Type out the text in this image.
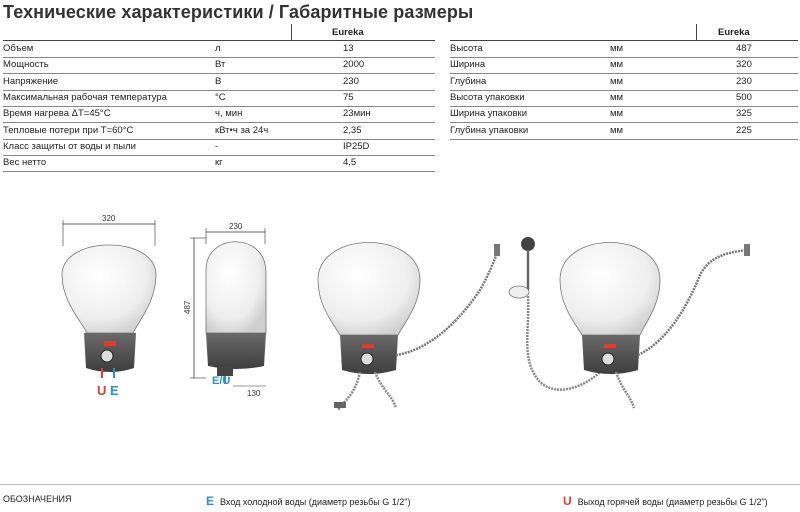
Технические характеристики / Габаритные размеры
Eureka
Объем	л	13
Мощность	Вт	2000
Напряжение	В	230
Максимальная рабочая температура	°C	75
Время нагрева ΔT=45°C	ч, мин	23мин
Тепловые потери при T=60°C	кВт•ч за 24ч	2,35
Класс защиты от воды и пыли	-	IP25D
Вес нетто	кг	4,5
Eureka
Высота	мм	487
Ширина	мм	320
Глубина	мм	230
Высота упаковки	мм	500
Ширина упаковки	мм	325
Глубина упаковки	мм	225
320
U E
230
487
E/U
130
ОБОЗНАЧЕНИЯ	E Вход холодной воды (диаметр резьбы G 1/2")	U Выход горячей воды (диаметр резьбы G 1/2")
